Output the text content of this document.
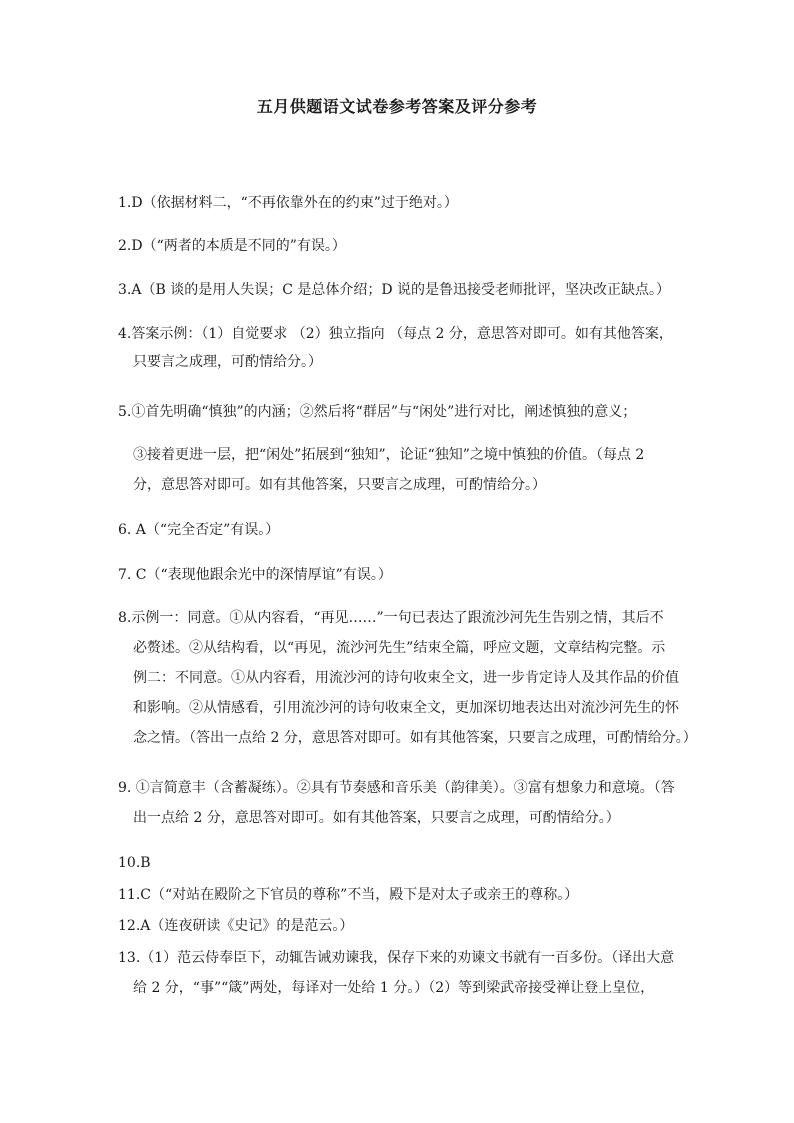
五月供题语文试卷参考答案及评分参考
1.D（依据材料二，“不再依靠外在的约束”过于绝对。）
2.D（“两者的本质是不同的”有误。）
3.A（B 谈的是用人失误；C 是总体介绍；D 说的是鲁迅接受老师批评，坚决改正缺点。）
4.答案示例：（1）自觉要求 （2）独立指向 （每点 2 分，意思答对即可。如有其他答案，
只要言之成理，可酌情给分。）
5.①首先明确“慎独”的内涵；②然后将“群居”与“闲处”进行对比，阐述慎独的意义；
③接着更进一层，把“闲处”拓展到“独知”，论证“独知”之境中慎独的价值。（每点 2
分，意思答对即可。如有其他答案，只要言之成理，可酌情给分。）
6. A（“完全否定”有误。）
7. C（“表现他跟余光中的深情厚谊”有误。）
8.示例一：同意。①从内容看，“再见……”一句已表达了跟流沙河先生告别之情，其后不
必赘述。②从结构看，以“再见，流沙河先生”结束全篇，呼应文题，文章结构完整。示
例二：不同意。①从内容看，用流沙河的诗句收束全文，进一步肯定诗人及其作品的价值
和影响。②从情感看，引用流沙河的诗句收束全文，更加深切地表达出对流沙河先生的怀
念之情。（答出一点给 2 分，意思答对即可。如有其他答案，只要言之成理，可酌情给分。）
9. ①言简意丰（含蓄凝练）。②具有节奏感和音乐美（韵律美）。③富有想象力和意境。（答
出一点给 2 分，意思答对即可。如有其他答案，只要言之成理，可酌情给分。）
10.B
11.C（“对站在殿阶之下官员的尊称”不当，殿下是对太子或亲王的尊称。）
12.A（连夜研读《史记》的是范云。）
13.（1）范云侍奉臣下，动辄告诫劝谏我，保存下来的劝谏文书就有一百多份。（译出大意
给 2 分，“事”“箴”两处，每译对一处给 1 分。）（2）等到梁武帝接受禅让登上皇位，
